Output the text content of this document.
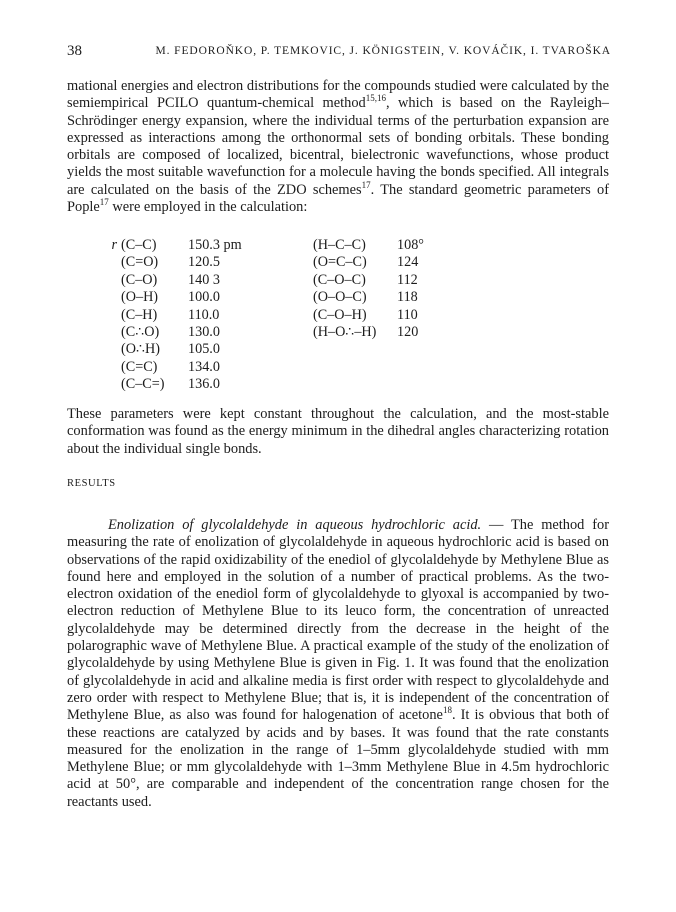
38	M. FEDOROŇKO, P. TEMKOVIC, J. KÖNIGSTEIN, V. KOVÁČIK, I. TVAROŠKA
mational energies and electron distributions for the compounds studied were calculated by the semiempirical PCILO quantum-chemical method$^{15,16}$, which is based on the Rayleigh–Schrödinger energy expansion, where the individual terms of the perturbation expansion are expressed as interactions among the orthonormal sets of bonding orbitals. These bonding orbitals are composed of localized, bicentral, bielectronic wavefunctions, whose product yields the most suitable wavefunction for a molecule having the bonds specified. All integrals are calculated on the basis of the ZDO schemes$^{17}$. The standard geometric parameters of Pople$^{17}$ were employed in the calculation:
r (C–C) 150.3 pm	(H–C–C) 108°
(C=O) 120.5	(O=C–C) 124
(C–O) 140 3	(C–O–C) 112
(O–H) 100.0	(O–O–C) 118
(C–H) 110.0	(C–O–H) 110
(C∴O) 130.0	(H–O∴–H) 120
(O∴H) 105.0
(C=C) 134.0
(C–C=) 136.0
These parameters were kept constant throughout the calculation, and the most-stable conformation was found as the energy minimum in the dihedral angles characterizing rotation about the individual single bonds.
RESULTS
Enolization of glycolaldehyde in aqueous hydrochloric acid. — The method for measuring the rate of enolization of glycolaldehyde in aqueous hydrochloric acid is based on observations of the rapid oxidizability of the enediol of glycolaldehyde by Methylene Blue as found here and employed in the solution of a number of practical problems. As the two-electron oxidation of the enediol form of glycolaldehyde to glyoxal is accompanied by two-electron reduction of Methylene Blue to its leuco form, the concentration of unreacted glycolaldehyde may be determined directly from the decrease in the height of the polarographic wave of Methylene Blue. A practical example of the study of the enolization of glycolaldehyde by using Methylene Blue is given in Fig. 1. It was found that the enolization of glycolaldehyde in acid and alkaline media is first order with respect to glycolaldehyde and zero order with respect to Methylene Blue; that is, it is independent of the concentration of Methylene Blue, as also was found for halogenation of acetone$^{18}$. It is obvious that both of these reactions are catalyzed by acids and by bases. It was found that the rate constants measured for the enolization in the range of 1–5mm glycolaldehyde studied with mm Methylene Blue; or mm glycolaldehyde with 1–3mm Methylene Blue in 4.5m hydrochloric acid at 50°, are comparable and independent of the concentration range chosen for the reactants used.
